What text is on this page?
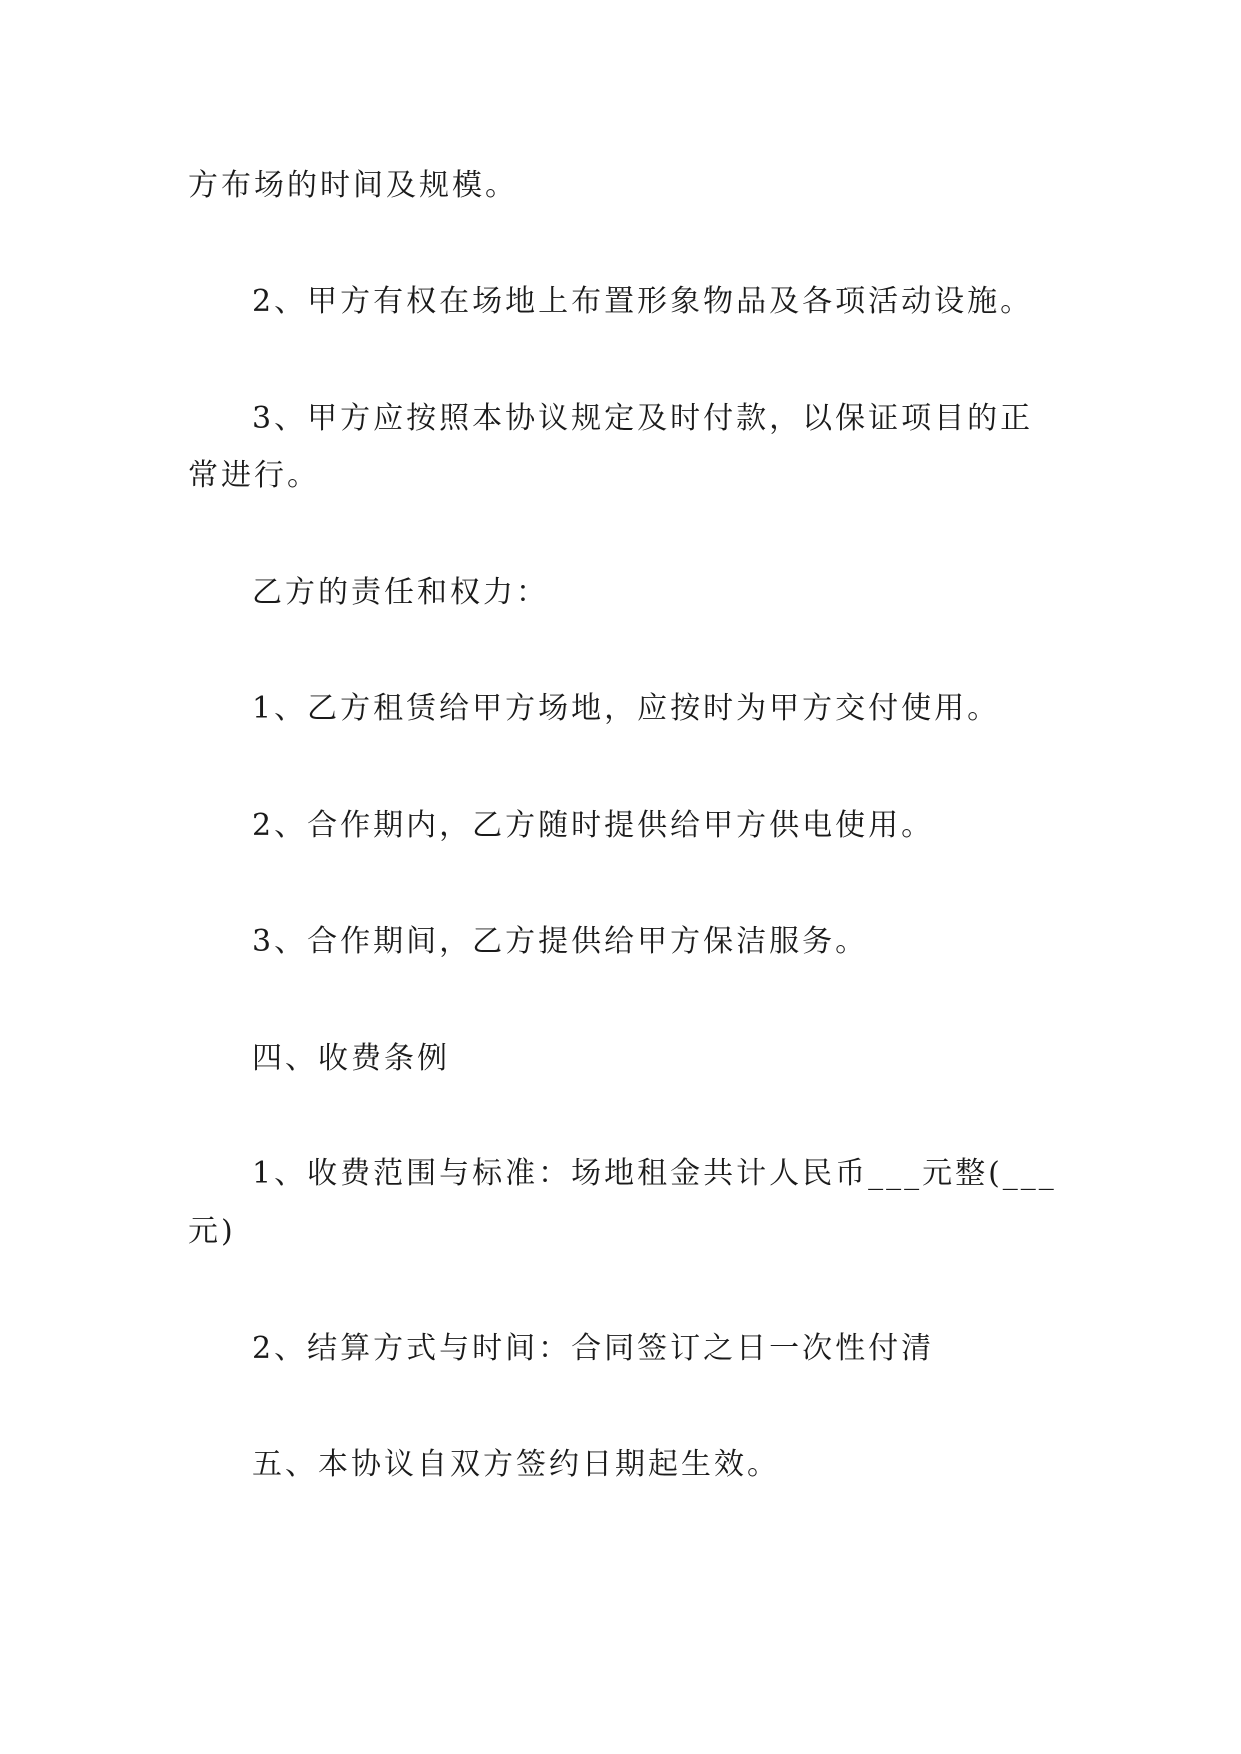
方布场的时间及规模。
2、甲方有权在场地上布置形象物品及各项活动设施。
3、甲方应按照本协议规定及时付款，以保证项目的正
常进行。
乙方的责任和权力：
1、乙方租赁给甲方场地，应按时为甲方交付使用。
2、合作期内，乙方随时提供给甲方供电使用。
3、合作期间，乙方提供给甲方保洁服务。
四、收费条例
1、收费范围与标准：场地租金共计人民币___元整(___
元)
2、结算方式与时间：合同签订之日一次性付清
五、本协议自双方签约日期起生效。
